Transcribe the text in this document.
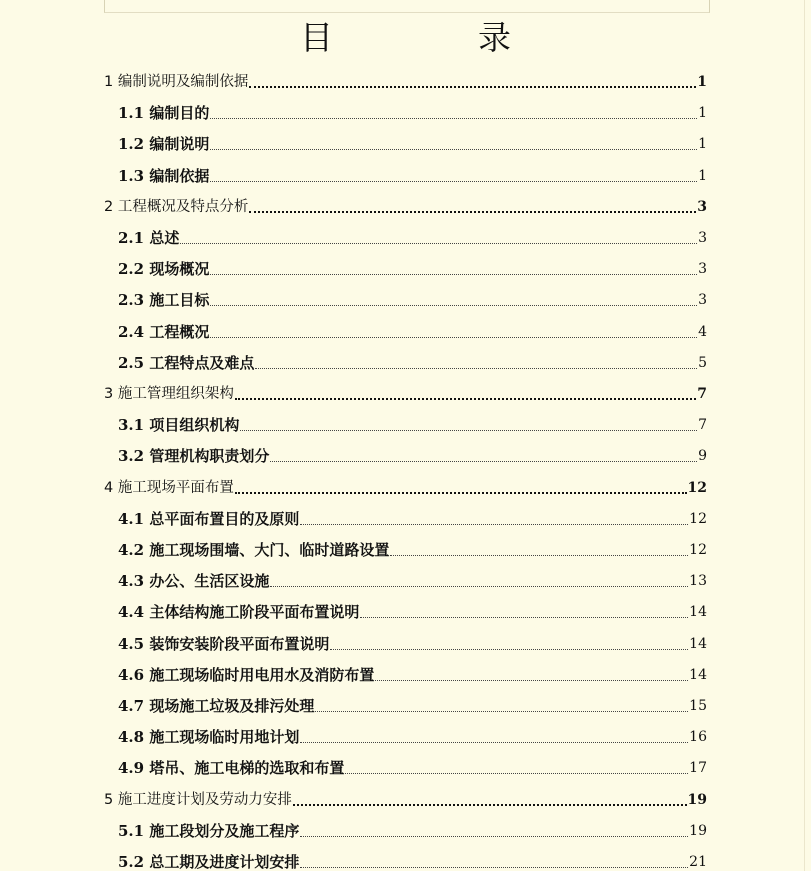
目　录
1 编制说明及编制依据	1
1.1 编制目的	1
1.2 编制说明	1
1.3 编制依据	1
2 工程概况及特点分析	3
2.1 总述	3
2.2 现场概况	3
2.3 施工目标	3
2.4 工程概况	4
2.5 工程特点及难点	5
3 施工管理组织架构	7
3.1 项目组织机构	7
3.2 管理机构职责划分	9
4 施工现场平面布置	12
4.1 总平面布置目的及原则	12
4.2 施工现场围墙、大门、临时道路设置	12
4.3 办公、生活区设施	13
4.4 主体结构施工阶段平面布置说明	14
4.5 装饰安装阶段平面布置说明	14
4.6 施工现场临时用电用水及消防布置	14
4.7 现场施工垃圾及排污处理	15
4.8 施工现场临时用地计划	16
4.9 塔吊、施工电梯的选取和布置	17
5 施工进度计划及劳动力安排	19
5.1 施工段划分及施工程序	19
5.2 总工期及进度计划安排	21
